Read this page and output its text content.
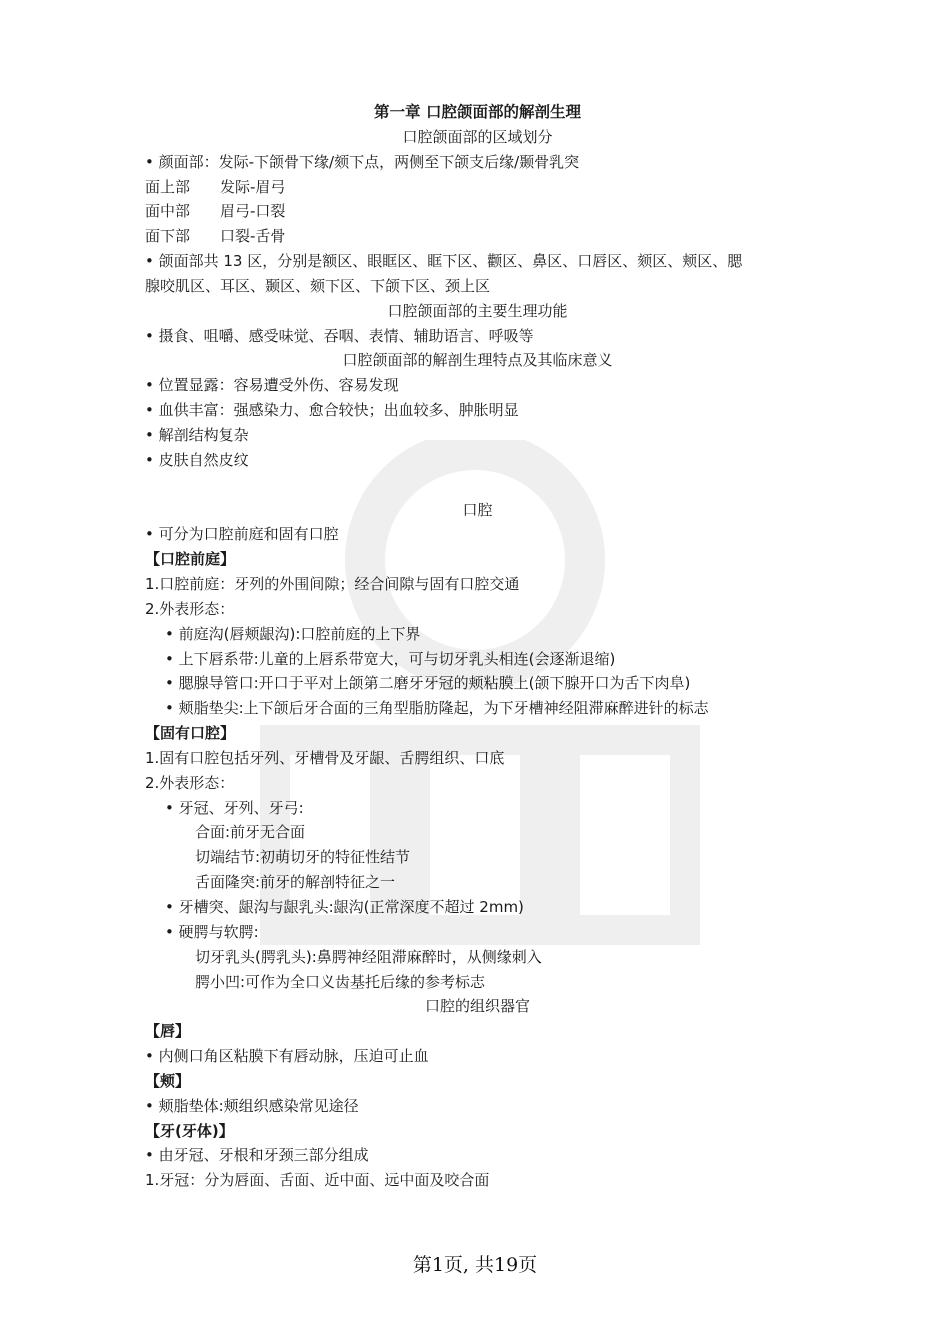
第一章 口腔颌面部的解剖生理
口腔颌面部的区域划分
• 颜面部：发际-下颌骨下缘/颏下点，两侧至下颌支后缘/颞骨乳突
面上部 发际-眉弓
面中部 眉弓-口裂
面下部 口裂-舌骨
• 颌面部共 13 区，分别是额区、眼眶区、眶下区、颧区、鼻区、口唇区、颏区、颊区、腮
腺咬肌区、耳区、颞区、颏下区、下颌下区、颈上区
口腔颌面部的主要生理功能
• 摄食、咀嚼、感受味觉、吞咽、表情、辅助语言、呼吸等
口腔颌面部的解剖生理特点及其临床意义
• 位置显露：容易遭受外伤、容易发现
• 血供丰富：强感染力、愈合较快；出血较多、肿胀明显
• 解剖结构复杂
• 皮肤自然皮纹
口腔
• 可分为口腔前庭和固有口腔
【口腔前庭】
1.口腔前庭：牙列的外围间隙；经合间隙与固有口腔交通
2.外表形态：
• 前庭沟(唇颊龈沟):口腔前庭的上下界
• 上下唇系带:儿童的上唇系带宽大，可与切牙乳头相连(会逐渐退缩)
• 腮腺导管口:开口于平对上颌第二磨牙牙冠的颊粘膜上(颌下腺开口为舌下肉阜)
• 颊脂垫尖:上下颌后牙合面的三角型脂肪隆起，为下牙槽神经阻滞麻醉进针的标志
【固有口腔】
1.固有口腔包括牙列、牙槽骨及牙龈、舌腭组织、口底
2.外表形态：
• 牙冠、牙列、牙弓:
合面:前牙无合面
切端结节:初萌切牙的特征性结节
舌面隆突:前牙的解剖特征之一
• 牙槽突、龈沟与龈乳头:龈沟(正常深度不超过 2mm)
• 硬腭与软腭:
切牙乳头(腭乳头):鼻腭神经阻滞麻醉时，从侧缘刺入
腭小凹:可作为全口义齿基托后缘的参考标志
口腔的组织器官
【唇】
• 内侧口角区粘膜下有唇动脉，压迫可止血
【颊】
• 颊脂垫体:颊组织感染常见途径
【牙(牙体)】
• 由牙冠、牙根和牙颈三部分组成
1.牙冠：分为唇面、舌面、近中面、远中面及咬合面
第1页, 共19页
